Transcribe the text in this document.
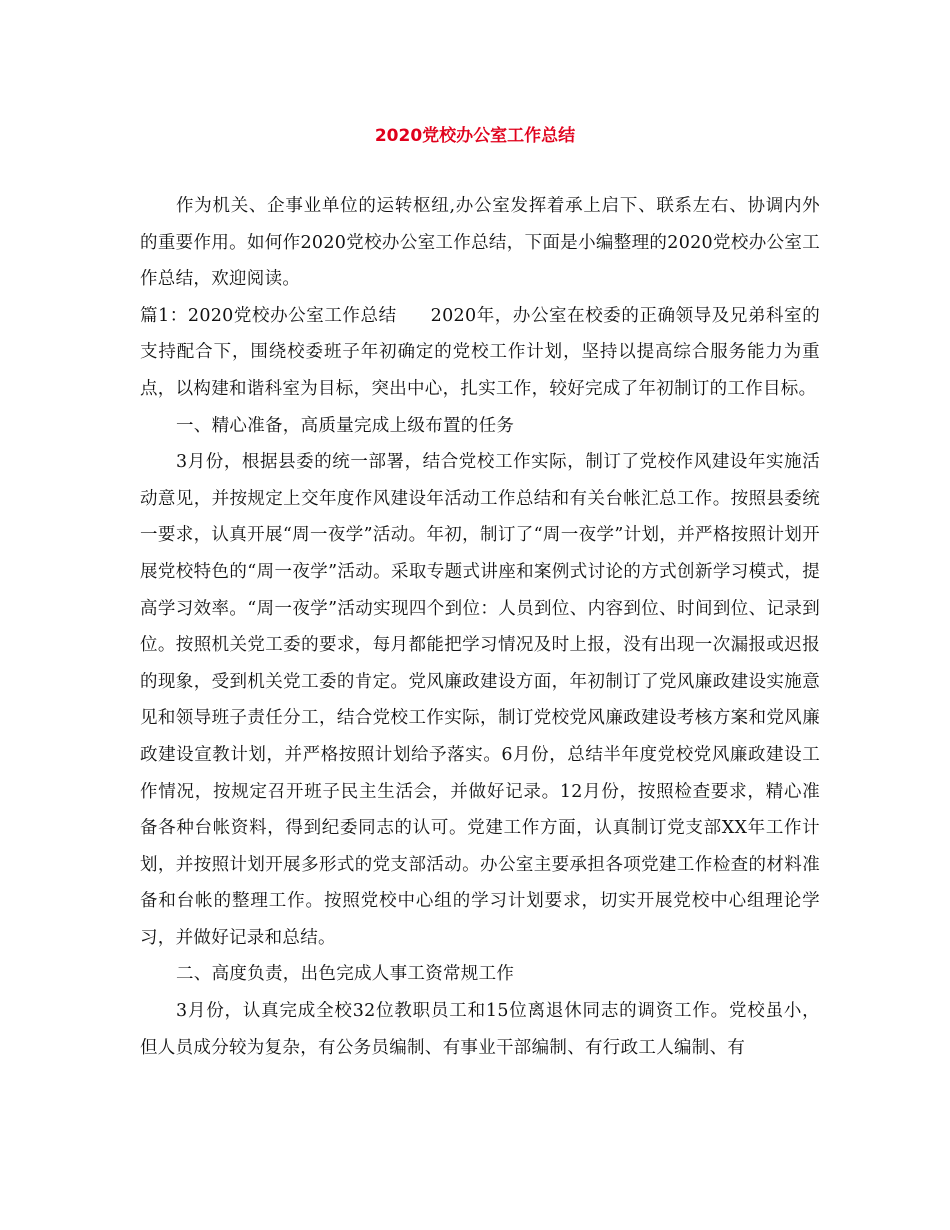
2020党校办公室工作总结

作为机关、企事业单位的运转枢纽,办公室发挥着承上启下、联系左右、协调内外的重要作用。如何作2020党校办公室工作总结，下面是小编整理的2020党校办公室工作总结，欢迎阅读。

篇1：2020党校办公室工作总结 2020年，办公室在校委的正确领导及兄弟科室的支持配合下，围绕校委班子年初确定的党校工作计划，坚持以提高综合服务能力为重点，以构建和谐科室为目标，突出中心，扎实工作，较好完成了年初制订的工作目标。

一、精心准备，高质量完成上级布置的任务

3月份，根据县委的统一部署，结合党校工作实际，制订了党校作风建设年实施活动意见，并按规定上交年度作风建设年活动工作总结和有关台帐汇总工作。按照县委统一要求，认真开展“周一夜学”活动。年初，制订了“周一夜学”计划，并严格按照计划开展党校特色的“周一夜学”活动。采取专题式讲座和案例式讨论的方式创新学习模式，提高学习效率。“周一夜学”活动实现四个到位：人员到位、内容到位、时间到位、记录到位。按照机关党工委的要求，每月都能把学习情况及时上报，没有出现一次漏报或迟报的现象，受到机关党工委的肯定。党风廉政建设方面，年初制订了党风廉政建设实施意见和领导班子责任分工，结合党校工作实际，制订党校党风廉政建设考核方案和党风廉政建设宣教计划，并严格按照计划给予落实。6月份，总结半年度党校党风廉政建设工作情况，按规定召开班子民主生活会，并做好记录。12月份，按照检查要求，精心准备各种台帐资料，得到纪委同志的认可。党建工作方面，认真制订党支部XX年工作计划，并按照计划开展多形式的党支部活动。办公室主要承担各项党建工作检查的材料准备和台帐的整理工作。按照党校中心组的学习计划要求，切实开展党校中心组理论学习，并做好记录和总结。

二、高度负责，出色完成人事工资常规工作

3月份，认真完成全校32位教职员工和15位离退休同志的调资工作。党校虽小，但人员成分较为复杂，有公务员编制、有事业干部编制、有行政工人编制、有
